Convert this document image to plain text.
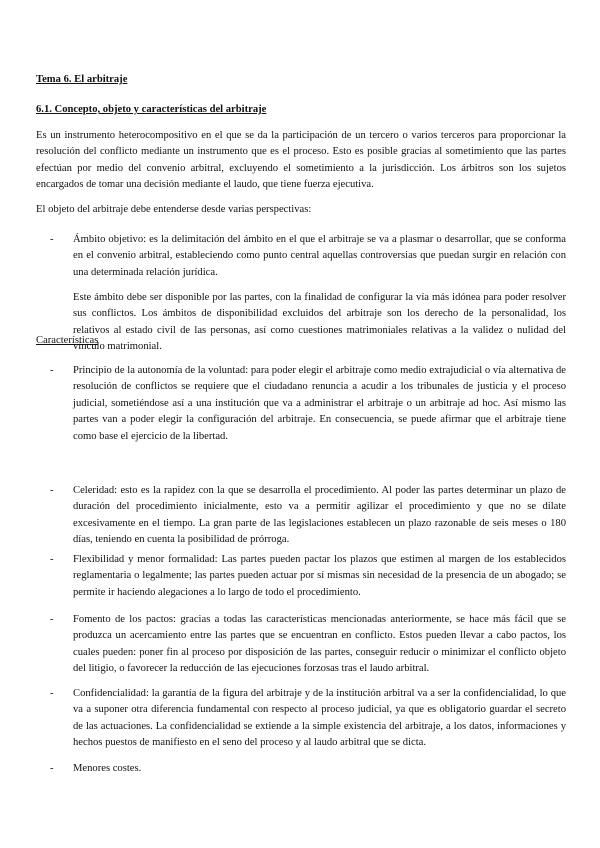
Tema 6. El arbitraje
6.1. Concepto, objeto y características del arbitraje

Es un instrumento heterocompositivo en el que se da la participación de un tercero o varios terceros para proporcionar la resolución del conflicto mediante un instrumento que es el proceso. Esto es posible gracias al sometimiento que las partes efectúan por medio del convenio arbitral, excluyendo el sometimiento a la jurisdicción. Los árbitros son los sujetos encargados de tomar una decisión mediante el laudo, que tiene fuerza ejecutiva.

El objeto del arbitraje debe entenderse desde varias perspectivas:

- Ámbito objetivo: es la delimitación del ámbito en el que el arbitraje se va a plasmar o desarrollar, que se conforma en el convenio arbitral, estableciendo como punto central aquellas controversias que puedan surgir en relación con una determinada relación jurídica.

Este ámbito debe ser disponible por las partes, con la finalidad de configurar la vía más idónea para poder resolver sus conflictos. Los ámbitos de disponibilidad excluidos del arbitraje son los derecho de la personalidad, los relativos al estado civil de las personas, así como cuestiones matrimoniales relativas a la validez o nulidad del vínculo matrimonial.

Características
- Principio de la autonomía de la voluntad: para poder elegir el arbitraje como medio extrajudicial o vía alternativa de resolución de conflictos se requiere que el ciudadano renuncia a acudir a los tribunales de justicia y el proceso judicial, sometiéndose así a una institución que va a administrar el arbitraje o un arbitraje ad hoc. Así mismo las partes van a poder elegir la configuración del arbitraje. En consecuencia, se puede afirmar que el arbitraje tiene como base el ejercicio de la libertad.
- Celeridad: esto es la rapidez con la que se desarrolla el procedimiento. Al poder las partes determinar un plazo de duración del procedimiento inicialmente, esto va a permitir agilizar el procedimiento y que no se dilate excesivamente en el tiempo. La gran parte de las legislaciones establecen un plazo razonable de seis meses o 180 días, teniendo en cuenta la posibilidad de prórroga.
- Flexibilidad y menor formalidad: Las partes pueden pactar los plazos que estimen al margen de los establecidos reglamentaria o legalmente; las partes pueden actuar por sí mismas sin necesidad de la presencia de un abogado; se permite ir haciendo alegaciones a lo largo de todo el procedimiento.
- Fomento de los pactos: gracias a todas las características mencionadas anteriormente, se hace más fácil que se produzca un acercamiento entre las partes que se encuentran en conflicto. Estos pueden llevar a cabo pactos, los cuales pueden: poner fin al proceso por disposición de las partes, conseguir reducir o minimizar el conflicto objeto del litigio, o favorecer la reducción de las ejecuciones forzosas tras el laudo arbitral.
- Confidencialidad: la garantía de la figura del arbitraje y de la institución arbitral va a ser la confidencialidad, lo que va a suponer otra diferencia fundamental con respecto al proceso judicial, ya que es obligatorio guardar el secreto de las actuaciones. La confidencialidad se extiende a la simple existencia del arbitraje, a los datos, informaciones y hechos puestos de manifiesto en el seno del proceso y al laudo arbitral que se dicta.
- Menores costes.
